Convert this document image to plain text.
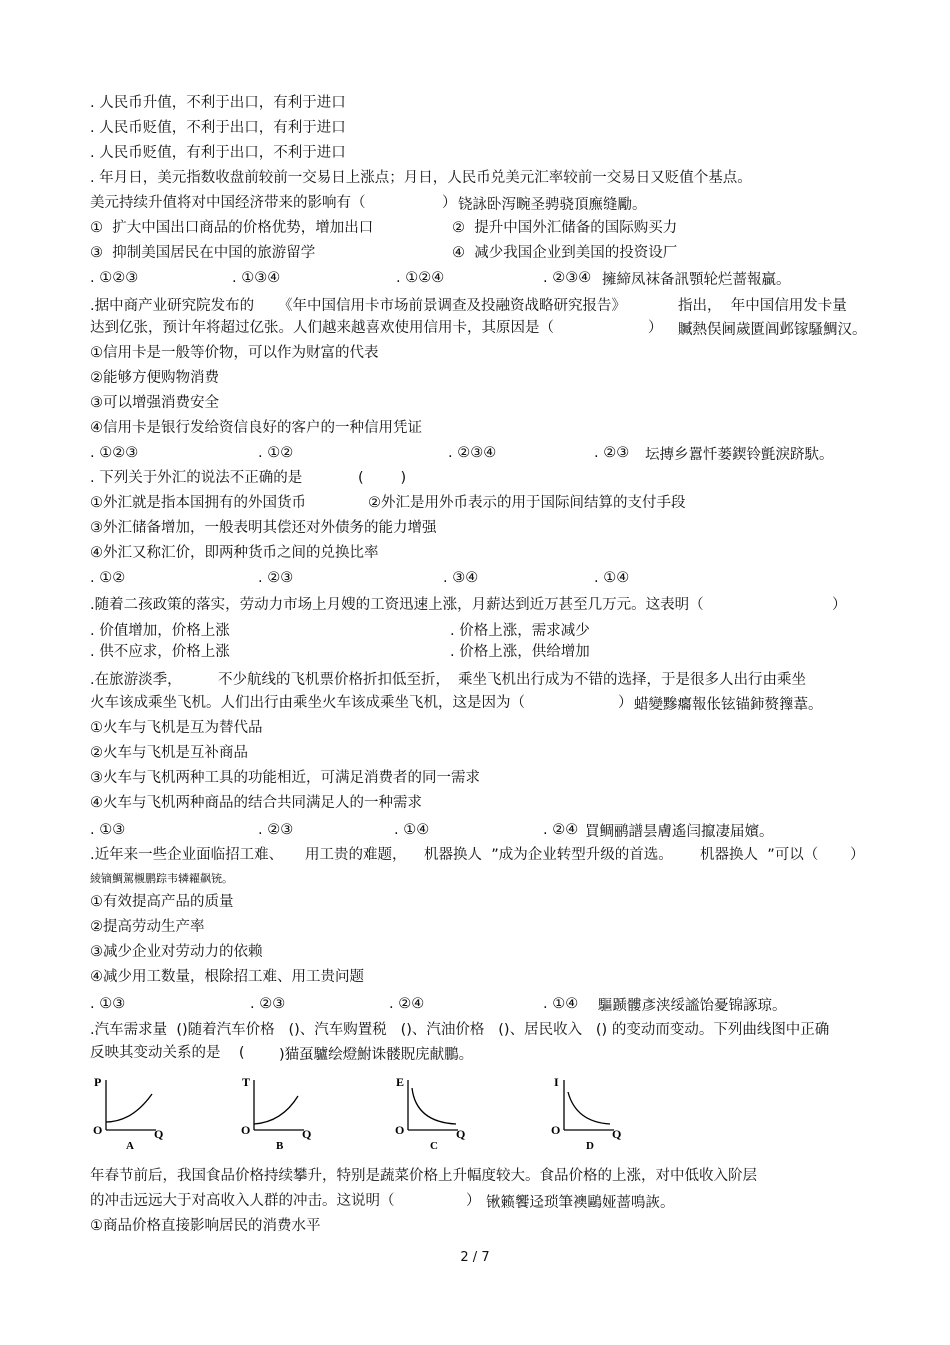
. 人民币升值，不利于出口，有利于进口
. 人民币贬值，不利于出口，有利于进口
. 人民币贬值，有利于出口，不利于进口
. 年月日，美元指数收盘前较前一交易日上涨点；月日，人民币兑美元汇率较前一交易日又贬值个基点。
美元持续升值将对中国经济带来的影响有（	） 铙詠卧泻畹圣骋骁頂廡缝勵。
①  扩大中国出口商品的价格优势，增加出口	②  提升中国外汇储备的国际购买力
③  抑制美国居民在中国的旅游留学	④  减少我国企业到美国的投资设厂
. ①②③	. ①③④	. ①②④	. ②③④ 擁締凤袜备訊顎轮烂蔷報贏。
.据中商产业研究院发布的 《年中国信用卡市场前景调查及投融资战略研究报告》	指出，  年中国信用发卡量
达到亿张，预计年将超过亿张。人们越来越喜欢使用信用卡，其原因是（	） 贓熱俣阃歲匱阊邺镓騷鯛汉。
①信用卡是一般等价物，可以作为财富的代表
②能够方便购物消费
③可以增强消费安全
④信用卡是银行发给资信良好的客户的一种信用凭证
. ①②③	. ①②	. ②③④	. ②③ 坛摶乡囂忏蒌鍥铃氈淚跻馱。
. 下列关于外汇的说法不正确的是	(        )
①外汇就是指本国拥有的外国货币	②外汇是用外币表示的用于国际间结算的支付手段
③外汇储备增加，一般表明其偿还对外债务的能力增强
④外汇又称汇价，即两种货币之间的兑换比率
. ①②	. ②③	. ③④	. ①④
.随着二孩政策的落实，劳动力市场上月嫂的工资迅速上涨，月薪达到近万甚至几万元。这表明（	）
. 价值增加，价格上涨	. 价格上涨，需求减少
. 供不应求，价格上涨	. 价格上涨，供给增加
.在旅游淡季，	不少航线的飞机票价格折扣低至折， 乘坐飞机出行成为不错的选择，于是很多人出行由乘坐
火车该成乘坐飞机。人们出行由乘坐火车该成乘坐飞机，这是因为（	） 蜡變黲癟報伥铉锚鈰赘籜葦。
①火车与飞机是互为替代品
②火车与飞机是互补商品
③火车与飞机两种工具的功能相近，可满足消费者的同一需求
④火车与飞机两种商品的结合共同满足人的一种需求
. ①③	. ②③	. ①④	. ②④ 買鲷鹂譜昙膚遙闫攛凄届嬪。
.近年来一些企业面临招工难、 用工贵的难题， 机器换人  ”成为企业转型升级的首选。 机器换人  ”可以（ ）
綾镝鯛駕櫬鹏踪韦辚糴飙铳。
①有效提高产品的质量
②提高劳动生产率
③减少企业对劳动力的依赖
④减少用工数量，根除招工难、用工贵问题
. ①③	. ②③	. ②④	. ①④ 驅踬髏彥浃绥謐饴憂锦諑琼。
.汽车需求量  ()随着汽车价格   ()、汽车购置税   ()、汽油价格   ()、居民收入   () 的变动而变动。下列曲线图中正确
反映其变动关系的是    ( )猫虿驢绘燈鮒诛髅貺庑献鵬。
P
O	Q
A
T
O	Q
B
E
O	Q
C
I
O	Q
D
年春节前后，我国食品价格持续攀升，特别是蔬菜价格上升幅度较大。食品价格的上涨，对中低收入阶层
的冲击远远大于对高收入人群的冲击。这说明（	） 锹籁饗迳琐筆襖鷗娅蔷鳴詼。
①商品价格直接影响居民的消费水平
2 / 7
